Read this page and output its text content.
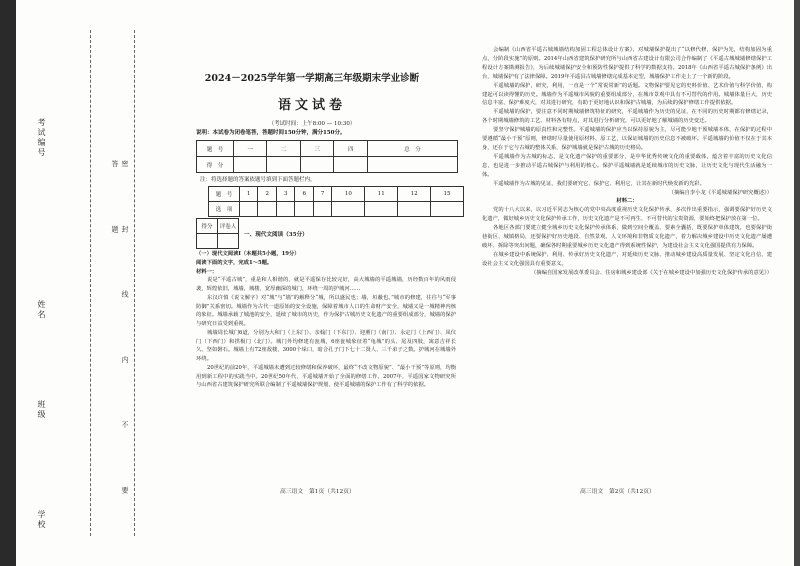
考试编号
密 封 线 内 不 要 答 题
姓名
班级
学校
2024－2025学年第一学期高三年级期末学业诊断
语文试卷
（考试时间：上午8:00 — 10:30）
说明：本试卷为闭卷笔答，答题时间150分钟，满分150分。
题　号	一	二	三	四	总　分
得　分					
注：将选择题的答案依题号填到下面答题栏内。
题　号	1	2	3	6	7	10	11	12	15
选　项									
得分	评卷人

一、现代文阅读（35分）

（一）现代文阅读Ⅰ（本题共5小题，19分）

阅读下面的文字，完成1～5题。

材料一：

说是“平遥古城”，重是和人相谐的，就是平遥保存比较完好，高大城墙的平遥城墙，历经数百年的风雨侵袭，辉煌依旧，城墙，城楼，宽厚幽深的城门，环绕一周的护城河……

东汉许慎《说文解字》对“城”与“墙”的解释分“城，所以盛民也；墙，垣蔽也。”城市的修建，往往与“军事防御”关系密切。城墙作为古代一道原始的安全设施，保障着城市人口的生命财产安全，城墙又是一城精神内核的象征。城墙承载了城池的安全，延续了城市的历史，作为保护古城历史文化遗产的重要组成部分，城墙的保护与研究日益受到重视。

城墙周长城门6道，分别为大和门（上东门）、亲翰门（下东门）、迎薰门（南门）、永定门（上西门）、凤仪门（下西门）和拱极门（北门）。城门外均修建有瓮城，6座瓮城象征着“龟城”的头、尾及四肢，寓意吉祥长久、坚如磐石。城墙上有72座敌楼，3000个垛口，暗合孔子门下七十二贤人、三千弟子之数。护城河在城墙外环绕。

20世纪的前20年，平遥城墙未遭到过较修缮和保养破坏，最终“不改文物原貌”、“最小干预”等原则，均衡用到新工程中的实践当中。20世纪50年代，平遥城墙开始了全面的修缮工作。2007年，平遥国家文物研究所与山西省古建筑保护研究所联合编制了平遥城墙保护规划，使平遥城墙的保护工作有了科学的依据。

高三语文　第1页（共12页）

会编制《山西省平遥古城城墙结构加固工程总体设计方案》，对城墙保护提出了“以修代修，保护为先，结构加固为重点，分阶段实施”的原则。2014年山西省建筑保护研究所与山西省古建设计有限公司合作编制了《平遥古城城墙修缮保护工程设计方案勘测报告》，为后续城墙保护安全和预防性保护提供了科学的数据支持。2018年《山西省平遥古城保护条例》出台，城墙保护有了法律保障。2019年平遥县古城墙修缮完成基本定型，城墙保护工作走上了一个新的阶段。

平遥城墙的保护，研究，利用，一直是一个“常说常新”的话题。文物保护要见它的史料价值、艺术价值与科学价值，构建起可以读得懂的历史。城墙作为平遥城市风貌的重要组成部分，在城市景观中具有不可替代的作用。城墙体量巨大，历史信息丰富，保护难度大，对其进行研究，有助于更好地认识和保护古城墙，为后续的保护修缮工作提供依据。

平遥城墙的保护，要注意不同时期城墙修筑特征的研究，平遥城墙作为历史的见证，在不同的历史时期都有修缮记录，各个时期城墙修筑的工艺、材料各有特点，对其进行分析研究，可以更好地了解城墙的历史变迁。

要坚守保护城墙的原真性和完整性。平遥城墙的保护应当以保持原貌为主，尽可能少地干预城墙本体，在保护的过程中要遵循“最小干预”原则，修缮时尽量使用原材料、原工艺，以保证城墙的历史信息不被破坏。平遥城墙的价值不仅在于其本身，还在于它与古城的整体关系，保护城墙就是保护古城的历史格局。

平遥城墙作为古城的标志，是文化遗产保护的重要部分，是中华优秀传统文化的重要载体，蕴含着丰富的历史文化信息，也是进一步推动平遥古城保护与利用的核心。保护平遥城墙就是延续城市的历史文脉，让历史文化与现代生活融为一体。

平遥城墙作为古城的见证，我们要研究它、保护它、利用它，让其在新时代焕发新的光彩。

（摘编自李小龙《平遥城墙保护研究概述》）

材料二：

党的十八大以来，以习近平同志为核心的党中央高度重视历史文化保护传承，多次作出重要指示，强调要保护好历史文化遗产，做好城乡历史文化保护传承工作，历史文化遗产是不可再生、不可替代的宝贵资源，要始终把保护放在第一位。

各地区各部门要建立健全城乡历史文化保护传承体系，做到空间全覆盖、要素全囊括，既要保护单体建筑，也要保护街巷街区、城镇格局，还要保护好历史地段、自然景观、人文环境和非物质文化遗产，着力解决城乡建设中历史文化遗产屡遭破坏、拆除等突出问题，确保各时期重要城乡历史文化遗产得到系统性保护，为建设社会主义文化强国提供有力保障。

在城乡建设中系统保护、利用、传承好历史文化遗产，对延续历史文脉、推动城乡建设高质量发展、坚定文化自信、建设社会主义文化强国具有重要意义。

（摘编自国家发展改革委员会、住房和城乡建设部《关于在城乡建设中加强历史文化保护传承的意见》）

高三语文　第2页（共12页）
